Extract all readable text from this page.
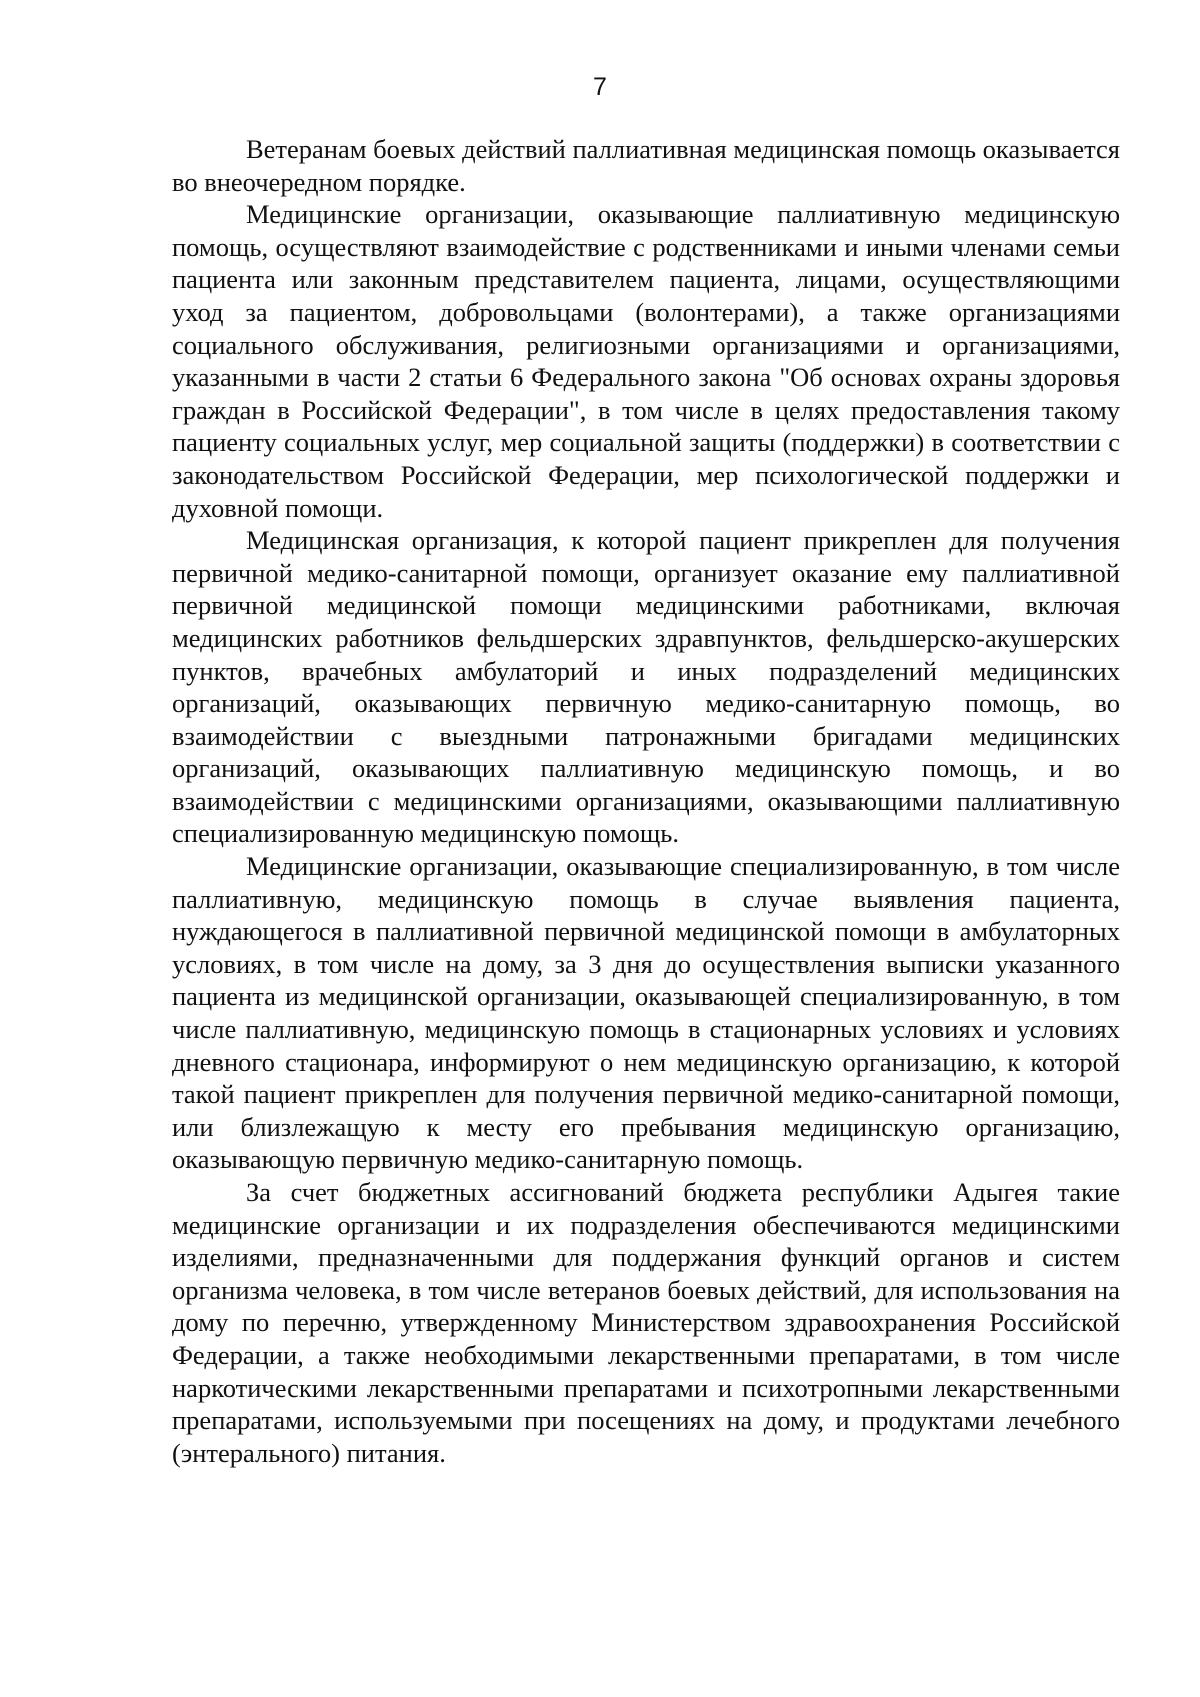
7

Ветеранам боевых действий паллиативная медицинская помощь оказывается во внеочередном порядке.

Медицинские организации, оказывающие паллиативную медицинскую помощь, осуществляют взаимодействие с родственниками и иными членами семьи пациента или законным представителем пациента, лицами, осуществляющими уход за пациентом, добровольцами (волонтерами), а также организациями социального обслуживания, религиозными организациями и организациями, указанными в части 2 статьи 6 Федерального закона "Об основах охраны здоровья граждан в Российской Федерации", в том числе в целях предоставления такому пациенту социальных услуг, мер социальной защиты (поддержки) в соответствии с законодательством Российской Федерации, мер психологической поддержки и духовной помощи.

Медицинская организация, к которой пациент прикреплен для получения первичной медико-санитарной помощи, организует оказание ему паллиативной первичной медицинской помощи медицинскими работниками, включая медицинских работников фельдшерских здравпунктов, фельдшерско-акушерских пунктов, врачебных амбулаторий и иных подразделений медицинских организаций, оказывающих первичную медико-санитарную помощь, во взаимодействии с выездными патронажными бригадами медицинских организаций, оказывающих паллиативную медицинскую помощь, и во взаимодействии с медицинскими организациями, оказывающими паллиативную специализированную медицинскую помощь.

Медицинские организации, оказывающие специализированную, в том числе паллиативную, медицинскую помощь в случае выявления пациента, нуждающегося в паллиативной первичной медицинской помощи в амбулаторных условиях, в том числе на дому, за 3 дня до осуществления выписки указанного пациента из медицинской организации, оказывающей специализированную, в том числе паллиативную, медицинскую помощь в стационарных условиях и условиях дневного стационара, информируют о нем медицинскую организацию, к которой такой пациент прикреплен для получения первичной медико-санитарной помощи, или близлежащую к месту его пребывания медицинскую организацию, оказывающую первичную медико-санитарную помощь.

За счет бюджетных ассигнований бюджета республики Адыгея такие медицинские организации и их подразделения обеспечиваются медицинскими изделиями, предназначенными для поддержания функций органов и систем организма человека, в том числе ветеранов боевых действий, для использования на дому по перечню, утвержденному Министерством здравоохранения Российской Федерации, а также необходимыми лекарственными препаратами, в том числе наркотическими лекарственными препаратами и психотропными лекарственными препаратами, используемыми при посещениях на дому, и продуктами лечебного (энтерального) питания.
